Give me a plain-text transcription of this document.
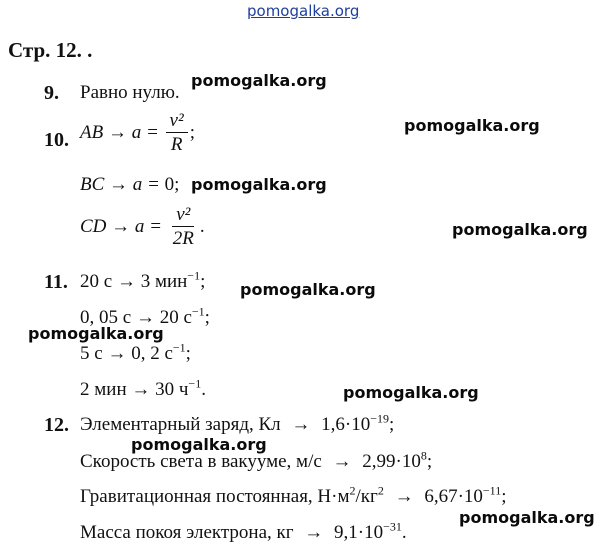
pomogalka.org
pomogalka.org
pomogalka.org
pomogalka.org
pomogalka.org
pomogalka.org
pomogalka.org
pomogalka.org
pomogalka.org
pomogalka.org
pomogalka.org
Стр. 12. .
9. Равно нулю.
10. AB → $a = \frac{\text{v²}}{R}$ ;
BC → a = 0;
CD → $a = \frac{\text{v²}}{2R}$ .
11. 20 с → 3 мин$^{-1}$;
0, 05 с → 20 $с^{-1}$;
5 с → 0, 2 $с^{-1}$;
2 мин → 30 $ч^{-1}$.
12. Элементарный заряд, Кл → $1,6\cdot 10^{-19}$;
Скорость света в вакууме, $м/с \to 2,99\cdot 10^8$;
Гравитационная постоянная, $Н\cdot м^2/кг^2 \to 6,67\cdot 10^{-11}$;
Масса покоя электрона, кг → $9,1\cdot 10^{-31}$.
